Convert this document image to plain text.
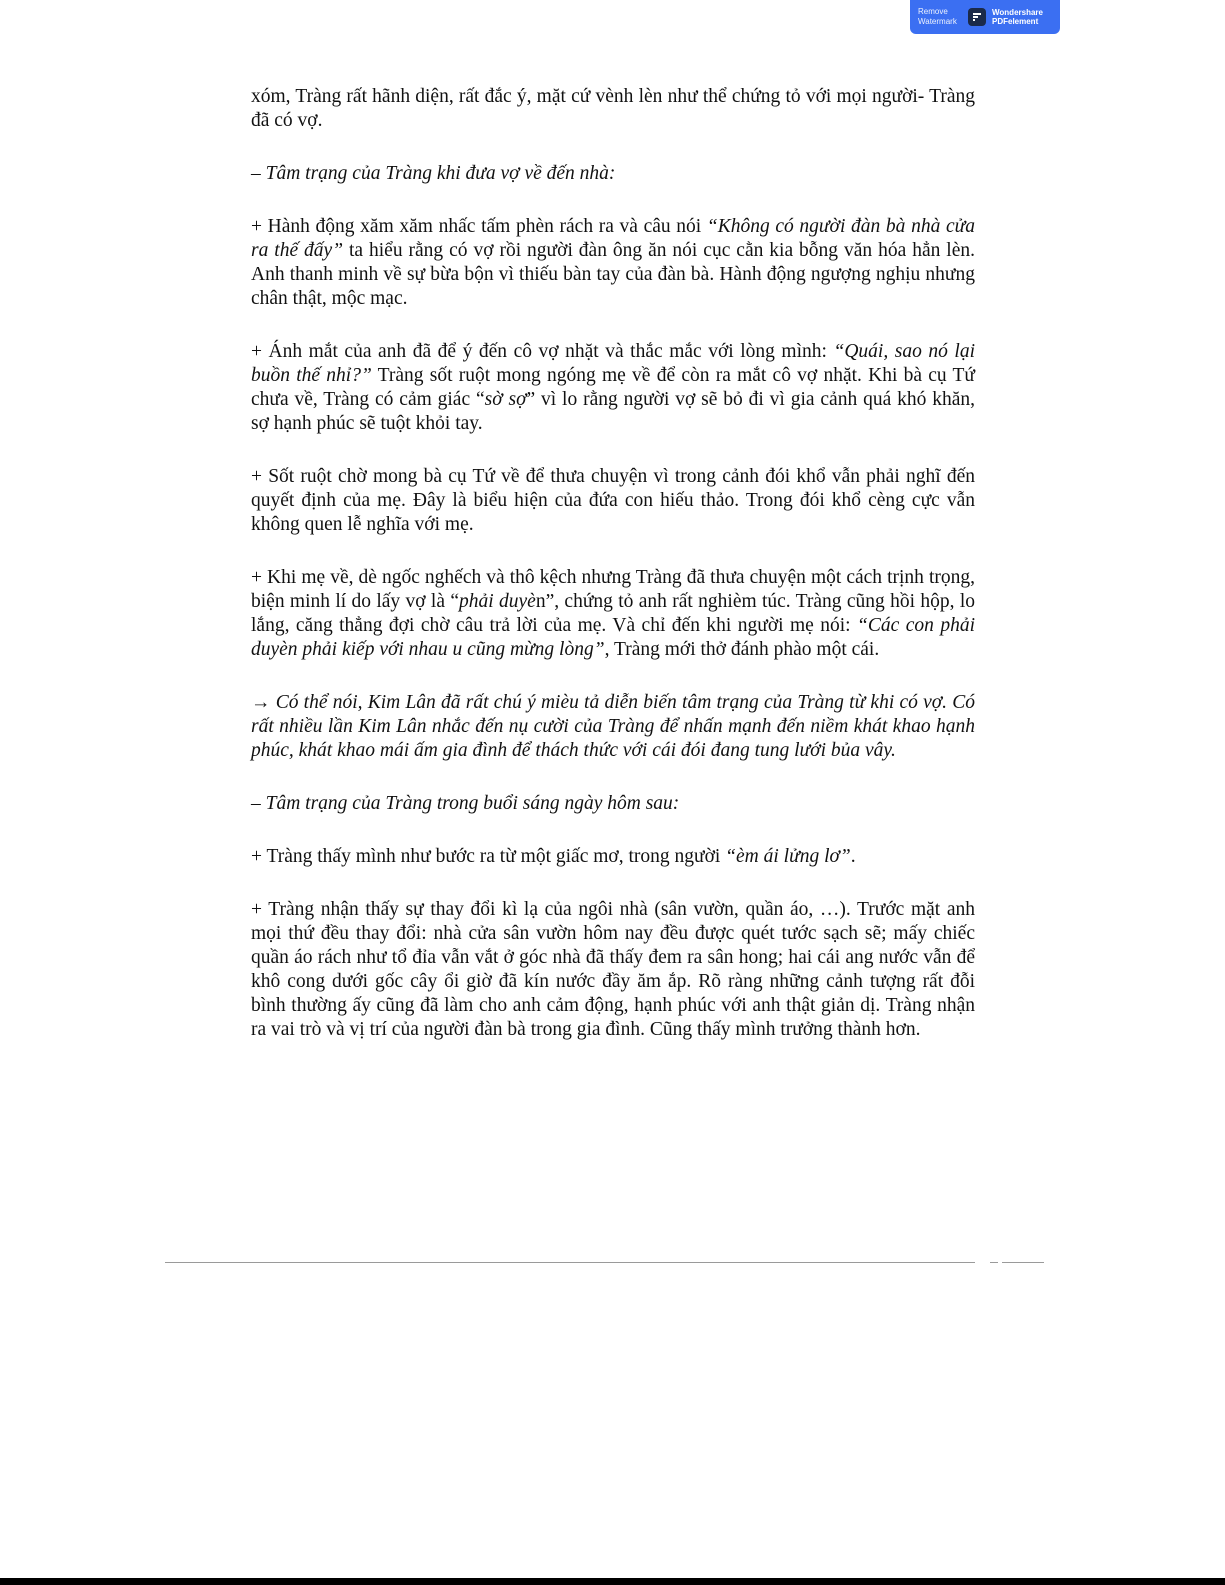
Remove
Watermark
Wondershare
PDFelement

xóm, Tràng rất hãnh diện, rất đắc ý, mặt cứ vènh lèn như thể chứng tỏ với mọi người- Tràng đã có vợ.

– Tâm trạng của Tràng khi đưa vợ về đến nhà:

+ Hành động xăm xăm nhấc tấm phèn rách ra và câu nói “Không có người đàn bà nhà cửa ra thế đấy” ta hiểu rằng có vợ rồi người đàn ông ăn nói cục cằn kia bỗng văn hóa hẳn lèn. Anh thanh minh về sự bừa bộn vì thiếu bàn tay của đàn bà. Hành động ngượng nghịu nhưng chân thật, mộc mạc.

+ Ánh mắt của anh đã để ý đến cô vợ nhặt và thắc mắc với lòng mình: “Quái, sao nó lại buồn thế nhỉ?” Tràng sốt ruột mong ngóng mẹ về để còn ra mắt cô vợ nhặt. Khi bà cụ Tứ chưa về, Tràng có cảm giác “sờ sợ” vì lo rằng người vợ sẽ bỏ đi vì gia cảnh quá khó khăn, sợ hạnh phúc sẽ tuột khỏi tay.

+ Sốt ruột chờ mong bà cụ Tứ về để thưa chuyện vì trong cảnh đói khổ vẫn phải nghĩ đến quyết định của mẹ. Đây là biểu hiện của đứa con hiếu thảo. Trong đói khổ cèng cực vẫn không quen lễ nghĩa với mẹ.

+ Khi mẹ về, dè ngốc nghếch và thô kệch nhưng Tràng đã thưa chuyện một cách trịnh trọng, biện minh lí do lấy vợ là “phải duyèn”, chứng tỏ anh rất nghièm túc. Tràng cũng hồi hộp, lo lắng, căng thẳng đợi chờ câu trả lời của mẹ. Và chỉ đến khi người mẹ nói: “Các con phải duyèn phải kiếp với nhau u cũng mừng lòng”, Tràng mới thở đánh phào một cái.

→ Có thể nói, Kim Lân đã rất chú ý mièu tả diễn biến tâm trạng của Tràng từ khi có vợ. Có rất nhiều lần Kim Lân nhắc đến nụ cười của Tràng để nhấn mạnh đến niềm khát khao hạnh phúc, khát khao mái ấm gia đình để thách thức với cái đói đang tung lưới bủa vây.

– Tâm trạng của Tràng trong buổi sáng ngày hôm sau:

+ Tràng thấy mình như bước ra từ một giấc mơ, trong người “èm ái lửng lơ”.

+ Tràng nhận thấy sự thay đổi kì lạ của ngôi nhà (sân vườn, quần áo, …). Trước mặt anh mọi thứ đều thay đổi: nhà cửa sân vườn hôm nay đều được quét tước sạch sẽ; mấy chiếc quần áo rách như tổ đỉa vẫn vắt ở góc nhà đã thấy đem ra sân hong; hai cái ang nước vẫn để khô cong dưới gốc cây ổi giờ đã kín nước đầy ăm ắp. Rõ ràng những cảnh tượng rất đỗi bình thường ấy cũng đã làm cho anh cảm động, hạnh phúc với anh thật giản dị. Tràng nhận ra vai trò và vị trí của người đàn bà trong gia đình. Cũng thấy mình trưởng thành hơn.
